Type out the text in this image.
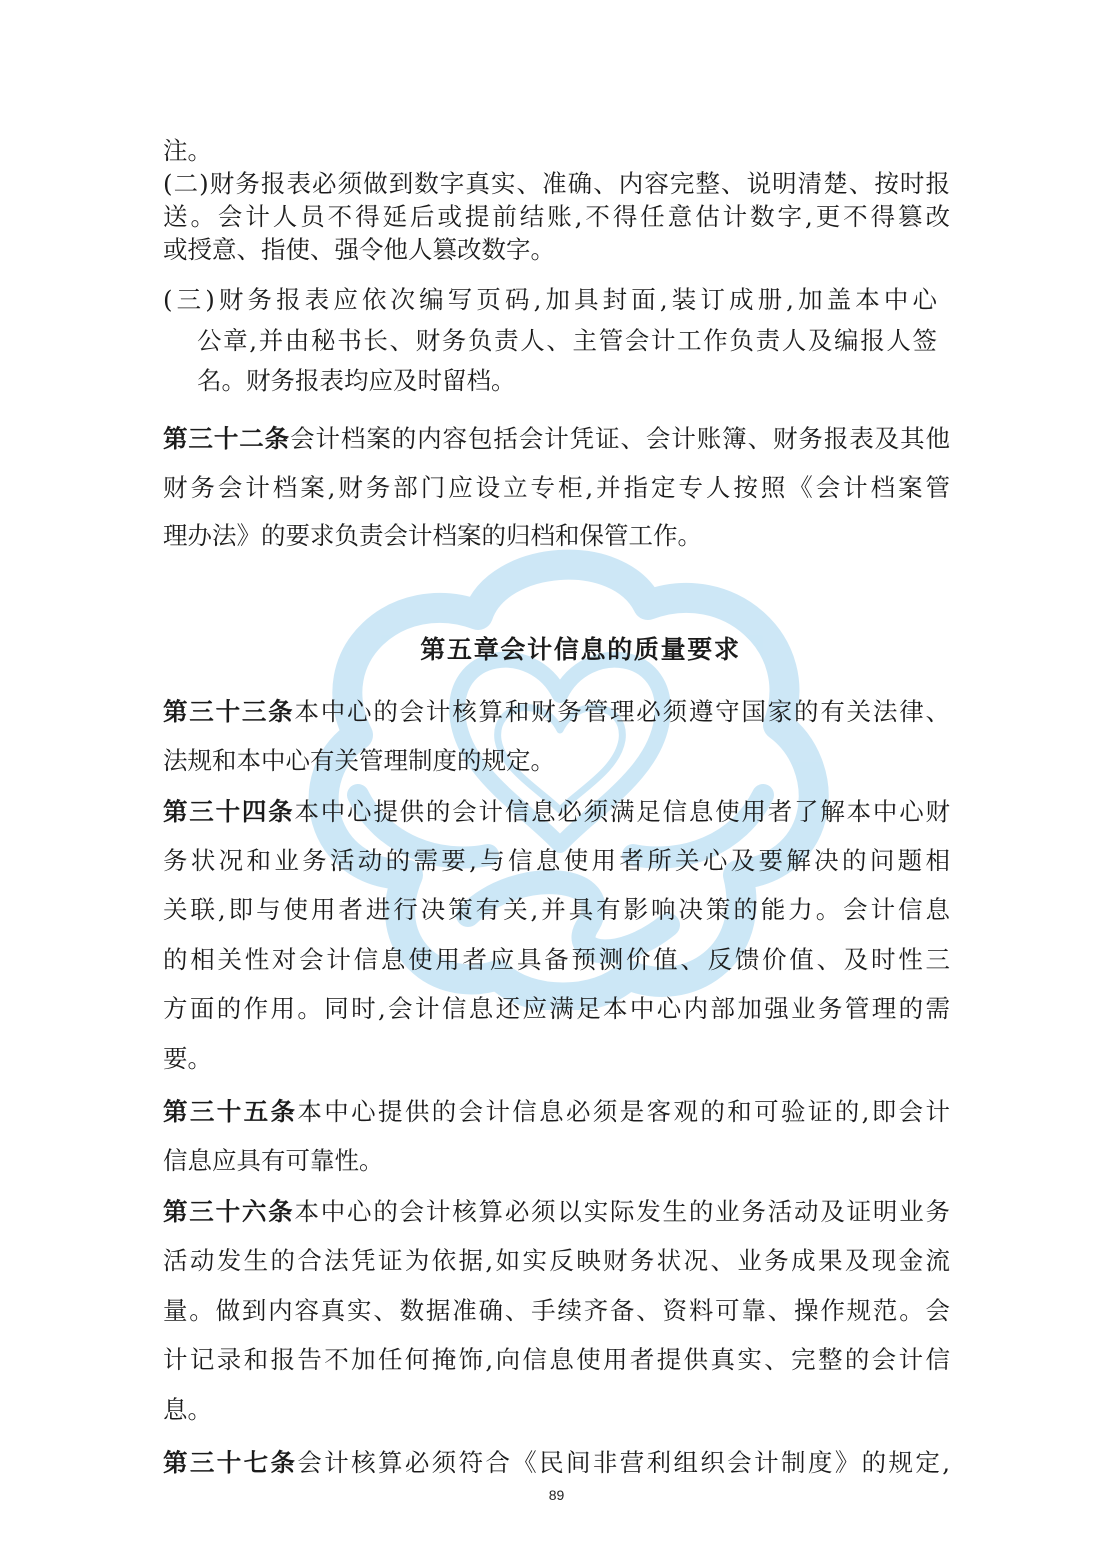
注。
(二)财务报表必须做到数字真实、准确、内容完整、说明清楚、按时报
送。会计人员不得延后或提前结账,不得任意估计数字,更不得篡改
或授意、指使、强令他人篡改数字。
(三)财务报表应依次编写页码,加具封面,装订成册,加盖本中心
公章,并由秘书长、财务负责人、主管会计工作负责人及编报人签
名。财务报表均应及时留档。
第三十二条会计档案的内容包括会计凭证、会计账簿、财务报表及其他
财务会计档案,财务部门应设立专柜,并指定专人按照《会计档案管
理办法》的要求负责会计档案的归档和保管工作。
第五章会计信息的质量要求
第三十三条本中心的会计核算和财务管理必须遵守国家的有关法律、
法规和本中心有关管理制度的规定。
第三十四条本中心提供的会计信息必须满足信息使用者了解本中心财
务状况和业务活动的需要,与信息使用者所关心及要解决的问题相
关联,即与使用者进行决策有关,并具有影响决策的能力。会计信息
的相关性对会计信息使用者应具备预测价值、反馈价值、及时性三
方面的作用。同时,会计信息还应满足本中心内部加强业务管理的需
要。
第三十五条本中心提供的会计信息必须是客观的和可验证的,即会计
信息应具有可靠性。
第三十六条本中心的会计核算必须以实际发生的业务活动及证明业务
活动发生的合法凭证为依据,如实反映财务状况、业务成果及现金流
量。做到内容真实、数据准确、手续齐备、资料可靠、操作规范。会
计记录和报告不加任何掩饰,向信息使用者提供真实、完整的会计信
息。
第三十七条会计核算必须符合《民间非营利组织会计制度》的规定,
89
